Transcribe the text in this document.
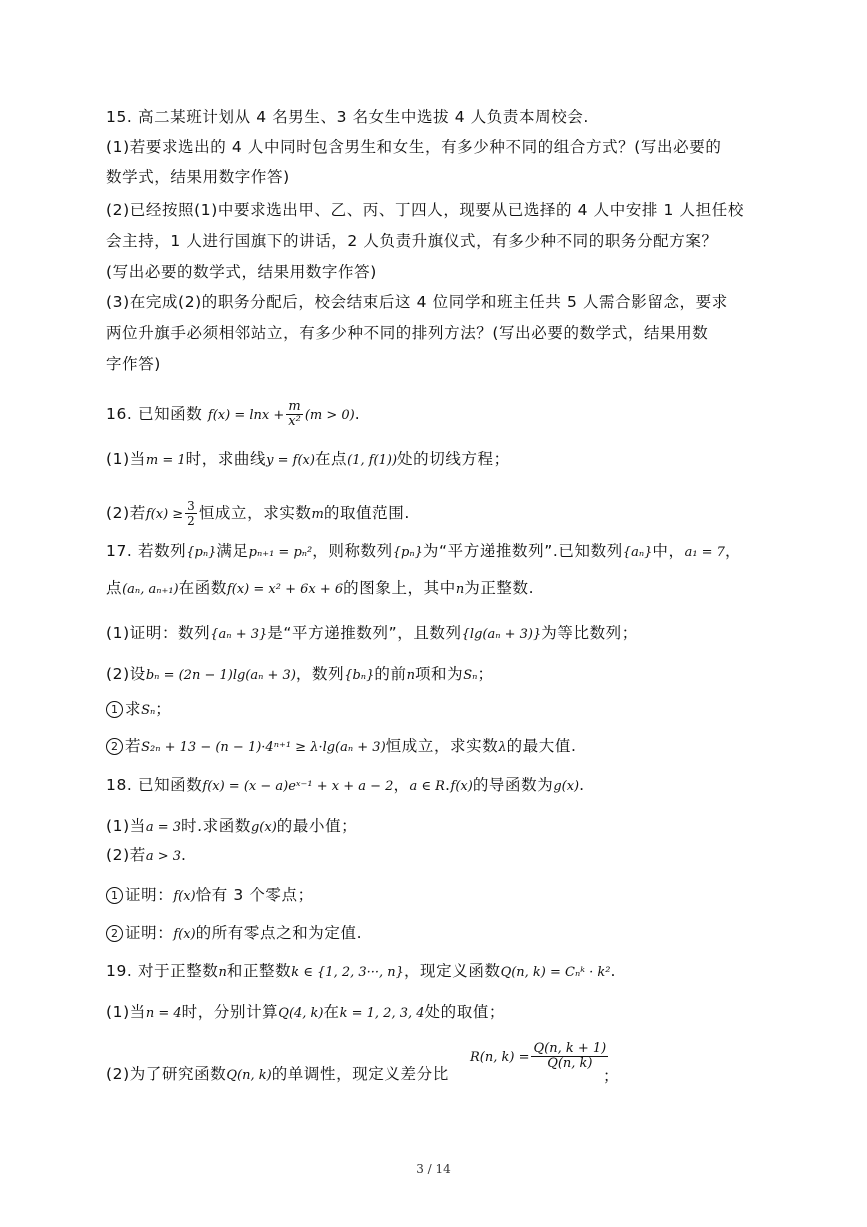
15. 高二某班计划从 4 名男生、3 名女生中选拔 4 人负责本周校会.
(1)若要求选出的 4 人中同时包含男生和女生，有多少种不同的组合方式？(写出必要的
数学式，结果用数字作答)
(2)已经按照(1)中要求选出甲、乙、丙、丁四人，现要从已选择的 4 人中安排 1 人担任校
会主持，1 人进行国旗下的讲话，2 人负责升旗仪式，有多少种不同的职务分配方案？
(写出必要的数学式，结果用数字作答)
(3)在完成(2)的职务分配后，校会结束后这 4 位同学和班主任共 5 人需合影留念，要求
两位升旗手必须相邻站立，有多少种不同的排列方法？(写出必要的数学式，结果用数
字作答)
16. 已知函数 $f(x) = \ln x + \frac{m}{\text{x²}} (m > 0)$.
(1)当m = 1时，求曲线y = f(x)在点(1, f(1))处的切线方程；
(2)若$f(x) \ge \frac{3}{2}$ 恒成立，求实数m的取值范围.
17. 若数列{pₙ}满足pₙ₊₁ = pₙ²，则称数列{pₙ}为“平方递推数列”.已知数列{aₙ}中，a₁ = 7，
点(aₙ, aₙ₊₁)在函数f(x) = x² + 6x + 6的图象上，其中n为正整数.
(1)证明：数列{aₙ + 3}是“平方递推数列”，且数列{lg(aₙ + 3)}为等比数列；
(2)设bₙ = (2n − 1)lg(aₙ + 3)，数列{bₙ}的前n项和为Sₙ；
1 求Sₙ；
2 若S₂ₙ + 13 − (n − 1)·4ⁿ⁺¹ ≥ λ·lg(aₙ + 3)恒成立，求实数λ的最大值.
18. 已知函数f(x) = (x − a)eˣ⁻¹ + x + a − 2，a ∈ R.f(x)的导函数为g(x).
(1)当a = 3时.求函数g(x)的最小值；
(2)若a > 3.
1 证明：f(x)恰有 3 个零点；
2 证明：f(x)的所有零点之和为定值.
19. 对于正整数n和正整数k ∈ {1, 2, 3···, n}，现定义函数Q(n, k) = Cₙᵏ · k².
(1)当n = 4时，分别计算Q(4, k)在k = 1, 2, 3, 4处的取值；
(2)为了研究函数Q(n, k)的单调性，现定义差分比
R(n, $k) = \frac{Q(n, k + 1)}{Q(n, k)}$
；
3 / 14
